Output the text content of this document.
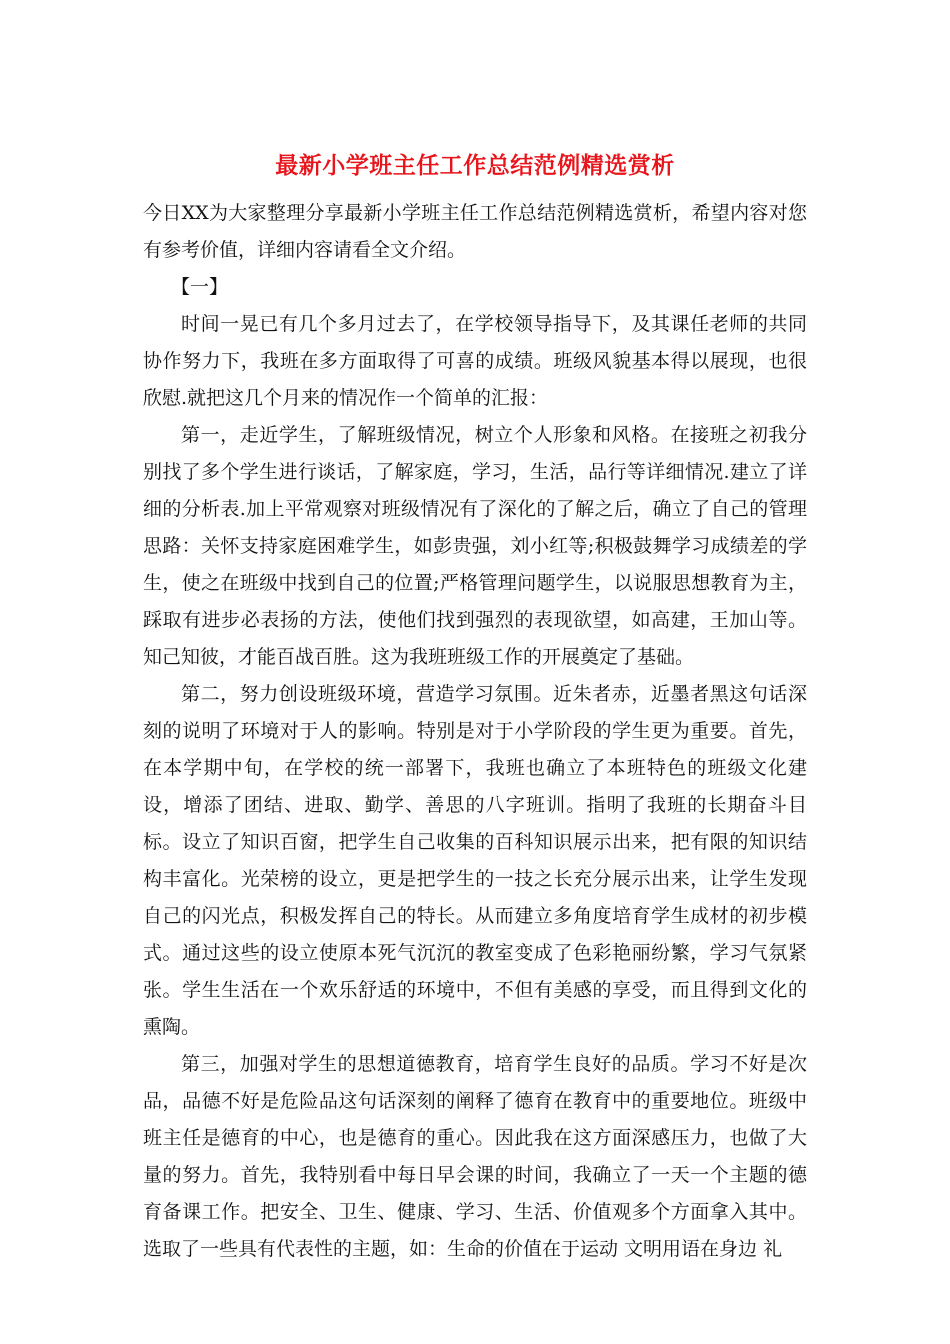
最新小学班主任工作总结范例精选赏析

今日XX为大家整理分享最新小学班主任工作总结范例精选赏析，希望内容对您有参考价值，详细内容请看全文介绍。

【一】

时间一晃已有几个多月过去了，在学校领导指导下，及其课任老师的共同协作努力下，我班在多方面取得了可喜的成绩。班级风貌基本得以展现，也很欣慰.就把这几个月来的情况作一个简单的汇报：

第一，走近学生，了解班级情况，树立个人形象和风格。在接班之初我分别找了多个学生进行谈话，了解家庭，学习，生活，品行等详细情况.建立了详细的分析表.加上平常观察对班级情况有了深化的了解之后，确立了自己的管理思路：关怀支持家庭困难学生，如彭贵强，刘小红等;积极鼓舞学习成绩差的学生，使之在班级中找到自己的位置;严格管理问题学生，以说服思想教育为主，踩取有进步必表扬的方法，使他们找到强烈的表现欲望，如高建，王加山等。知己知彼，才能百战百胜。这为我班班级工作的开展奠定了基础。

第二，努力创设班级环境，营造学习氛围。近朱者赤，近墨者黑这句话深刻的说明了环境对于人的影响。特别是对于小学阶段的学生更为重要。首先，在本学期中旬，在学校的统一部署下，我班也确立了本班特色的班级文化建设，增添了团结、进取、勤学、善思的八字班训。指明了我班的长期奋斗目标。设立了知识百窗，把学生自己收集的百科知识展示出来，把有限的知识结构丰富化。光荣榜的设立，更是把学生的一技之长充分展示出来，让学生发现自己的闪光点，积极发挥自己的特长。从而建立多角度培育学生成材的初步模式。通过这些的设立使原本死气沉沉的教室变成了色彩艳丽纷繁，学习气氛紧张。学生生活在一个欢乐舒适的环境中，不但有美感的享受，而且得到文化的熏陶。

第三，加强对学生的思想道德教育，培育学生良好的品质。学习不好是次品，品德不好是危险品这句话深刻的阐释了德育在教育中的重要地位。班级中班主任是德育的中心，也是德育的重心。因此我在这方面深感压力，也做了大量的努力。首先，我特别看中每日早会课的时间，我确立了一天一个主题的德育备课工作。把安全、卫生、健康、学习、生活、价值观多个方面拿入其中。选取了一些具有代表性的主题，如：生命的价值在于运动 文明用语在身边 礼
